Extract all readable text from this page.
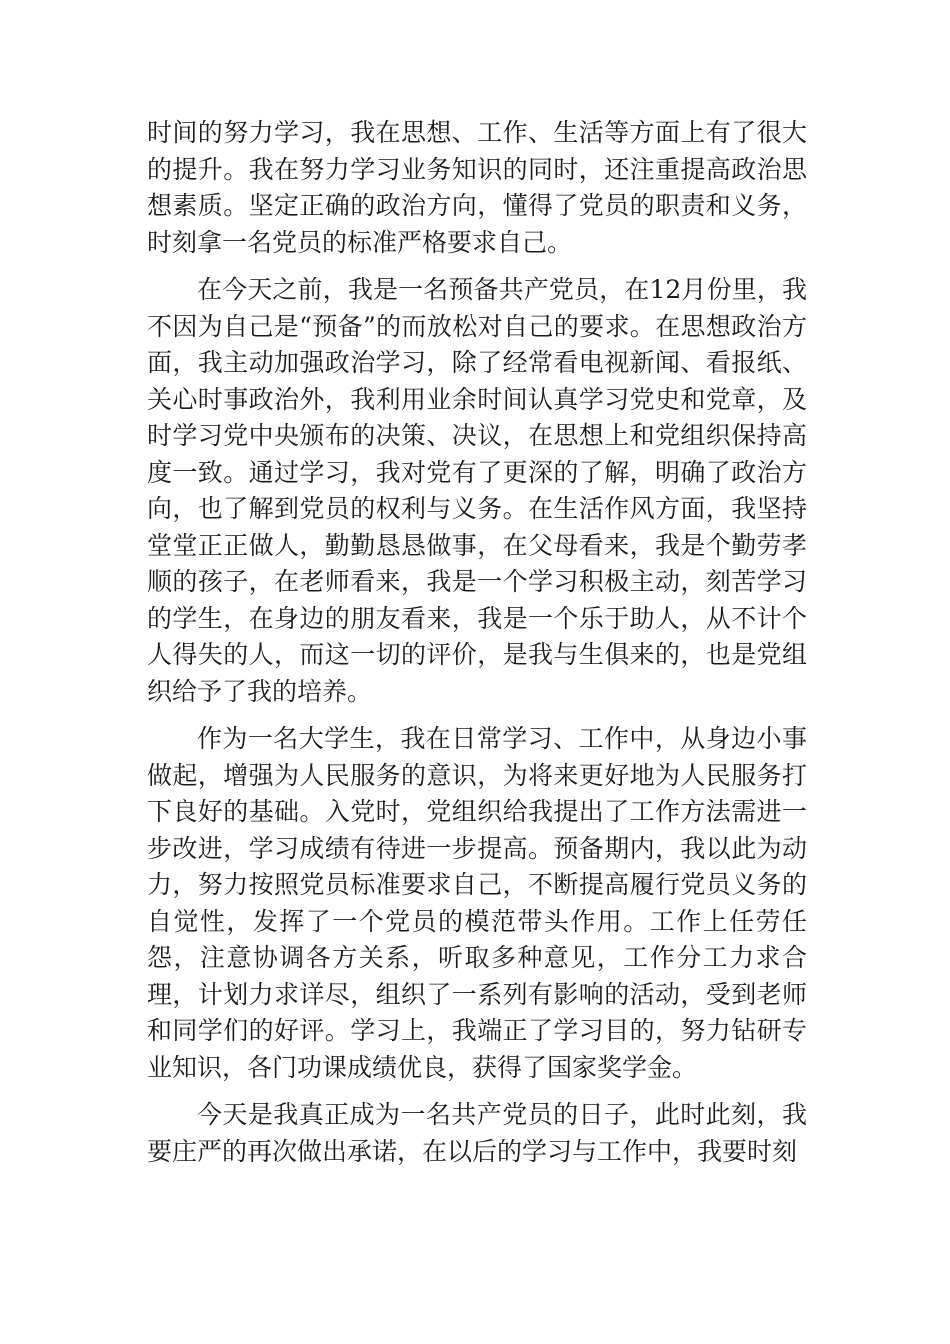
时间的努力学习，我在思想、工作、生活等方面上有了很大的提升。我在努力学习业务知识的同时，还注重提高政治思想素质。坚定正确的政治方向，懂得了党员的职责和义务，时刻拿一名党员的标准严格要求自己。

在今天之前，我是一名预备共产党员，在12月份里，我不因为自己是“预备”的而放松对自己的要求。在思想政治方面，我主动加强政治学习，除了经常看电视新闻、看报纸、关心时事政治外，我利用业余时间认真学习党史和党章，及时学习党中央颁布的决策、决议，在思想上和党组织保持高度一致。通过学习，我对党有了更深的了解，明确了政治方向，也了解到党员的权利与义务。在生活作风方面，我坚持堂堂正正做人，勤勤恳恳做事，在父母看来，我是个勤劳孝顺的孩子，在老师看来，我是一个学习积极主动，刻苦学习的学生，在身边的朋友看来，我是一个乐于助人，从不计个人得失的人，而这一切的评价，是我与生俱来的，也是党组织给予了我的培养。

作为一名大学生，我在日常学习、工作中，从身边小事做起，增强为人民服务的意识，为将来更好地为人民服务打下良好的基础。入党时，党组织给我提出了工作方法需进一步改进，学习成绩有待进一步提高。预备期内，我以此为动力，努力按照党员标准要求自己，不断提高履行党员义务的自觉性，发挥了一个党员的模范带头作用。工作上任劳任怨，注意协调各方关系，听取多种意见，工作分工力求合理，计划力求详尽，组织了一系列有影响的活动，受到老师和同学们的好评。学习上，我端正了学习目的，努力钻研专业知识，各门功课成绩优良，获得了国家奖学金。

今天是我真正成为一名共产党员的日子，此时此刻，我要庄严的再次做出承诺，在以后的学习与工作中，我要时刻
